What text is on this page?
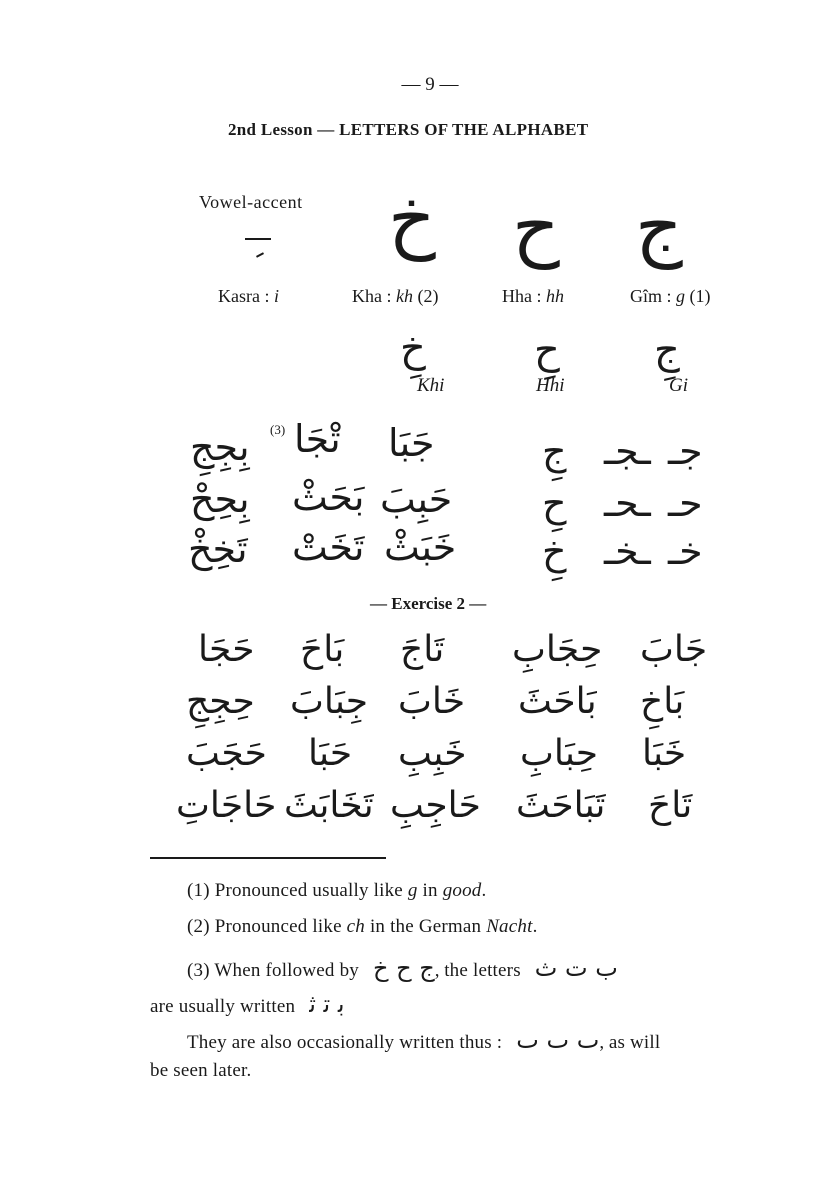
— 9 —
2nd Lesson — LETTERS OF THE ALPHABET
Vowel-accent خ ح ج
Kasra : i	Kha : kh (2)	Hha : hh	Gîm : g (1)
خِ	حِ جِ
Khi	Hhi	Gi
(3)
بِجِجِ تْجَا جَبَا	جِ ـجـ جـ
بِحِحْ بَحَثْ حَبِبَ حِ ـحـ حـ
تَخِخْ تَخَتْ خَبَثْ خِ ـخـ خـ
— Exercise 2 —
حَجَا بَاحَ تَاجَ حِجَابِ جَابَ
حِجِجِ جِبَابَ خَابَ بَاحَثَ بَاخِ
حَجَبَ حَبَا خَبِبِ حِبَابِ خَبَا
حَاجَاتِ تَخَابَثَ حَاجِبِ تَبَاحَثَ تَاحَ
(1) Pronounced usually like g in good.
(2) Pronounced like ch in the German Nacht.
(3) When followed by ج ح خ, the letters ب ت ث
are usually written ﺑ ﺗ ﺛ
They are also occasionally written thus : ٮ ٮ ٮ, as will
be seen later.
